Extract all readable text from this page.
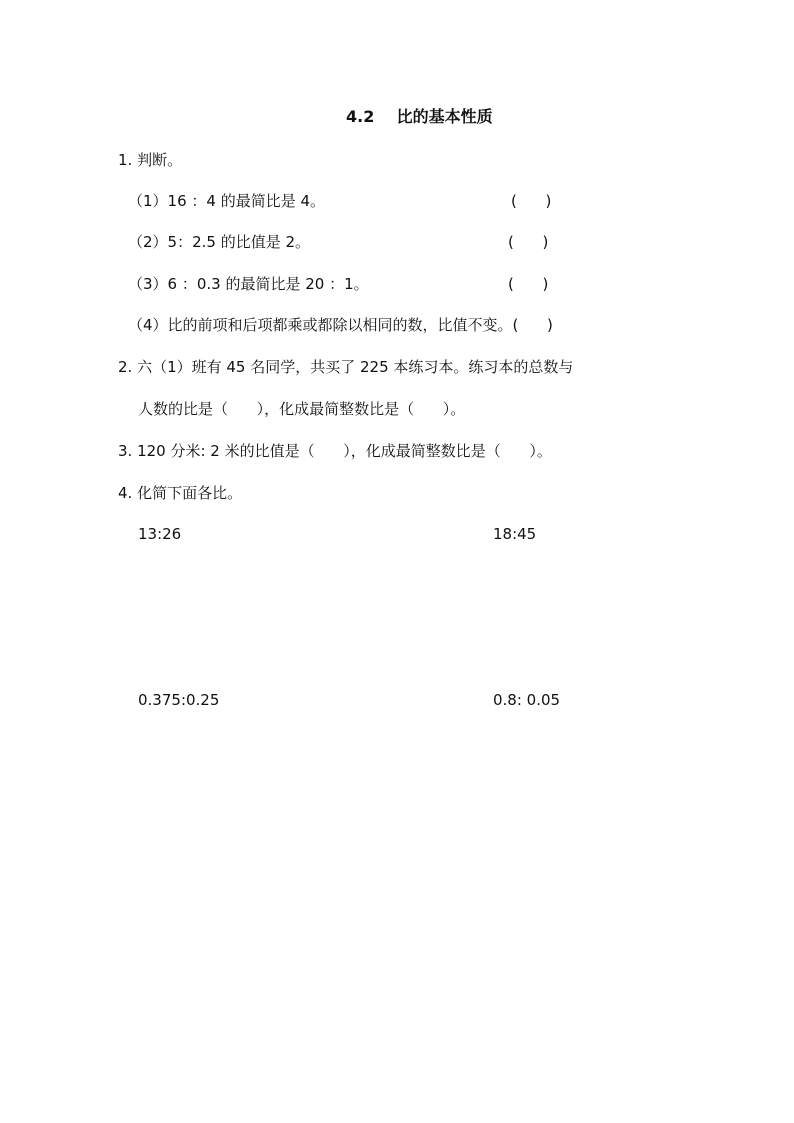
4.2    比的基本性质
1. 判断。
（1）16 ：4 的最简比是 4。	(      )
（2）5：2.5 的比值是 2。	(      )
（3）6 ：0.3 的最简比是 20 ：1。	(      )
（4）比的前项和后项都乘或都除以相同的数，比值不变。(      )
2. 六（1）班有 45 名同学，共买了 225 本练习本。练习本的总数与
人数的比是（      ），化成最简整数比是（      ）。
3. 120 分米: 2 米的比值是（      ），化成最简整数比是（      ）。
4. 化简下面各比。
13:26	18:45
0.375:0.25	0.8: 0.05
